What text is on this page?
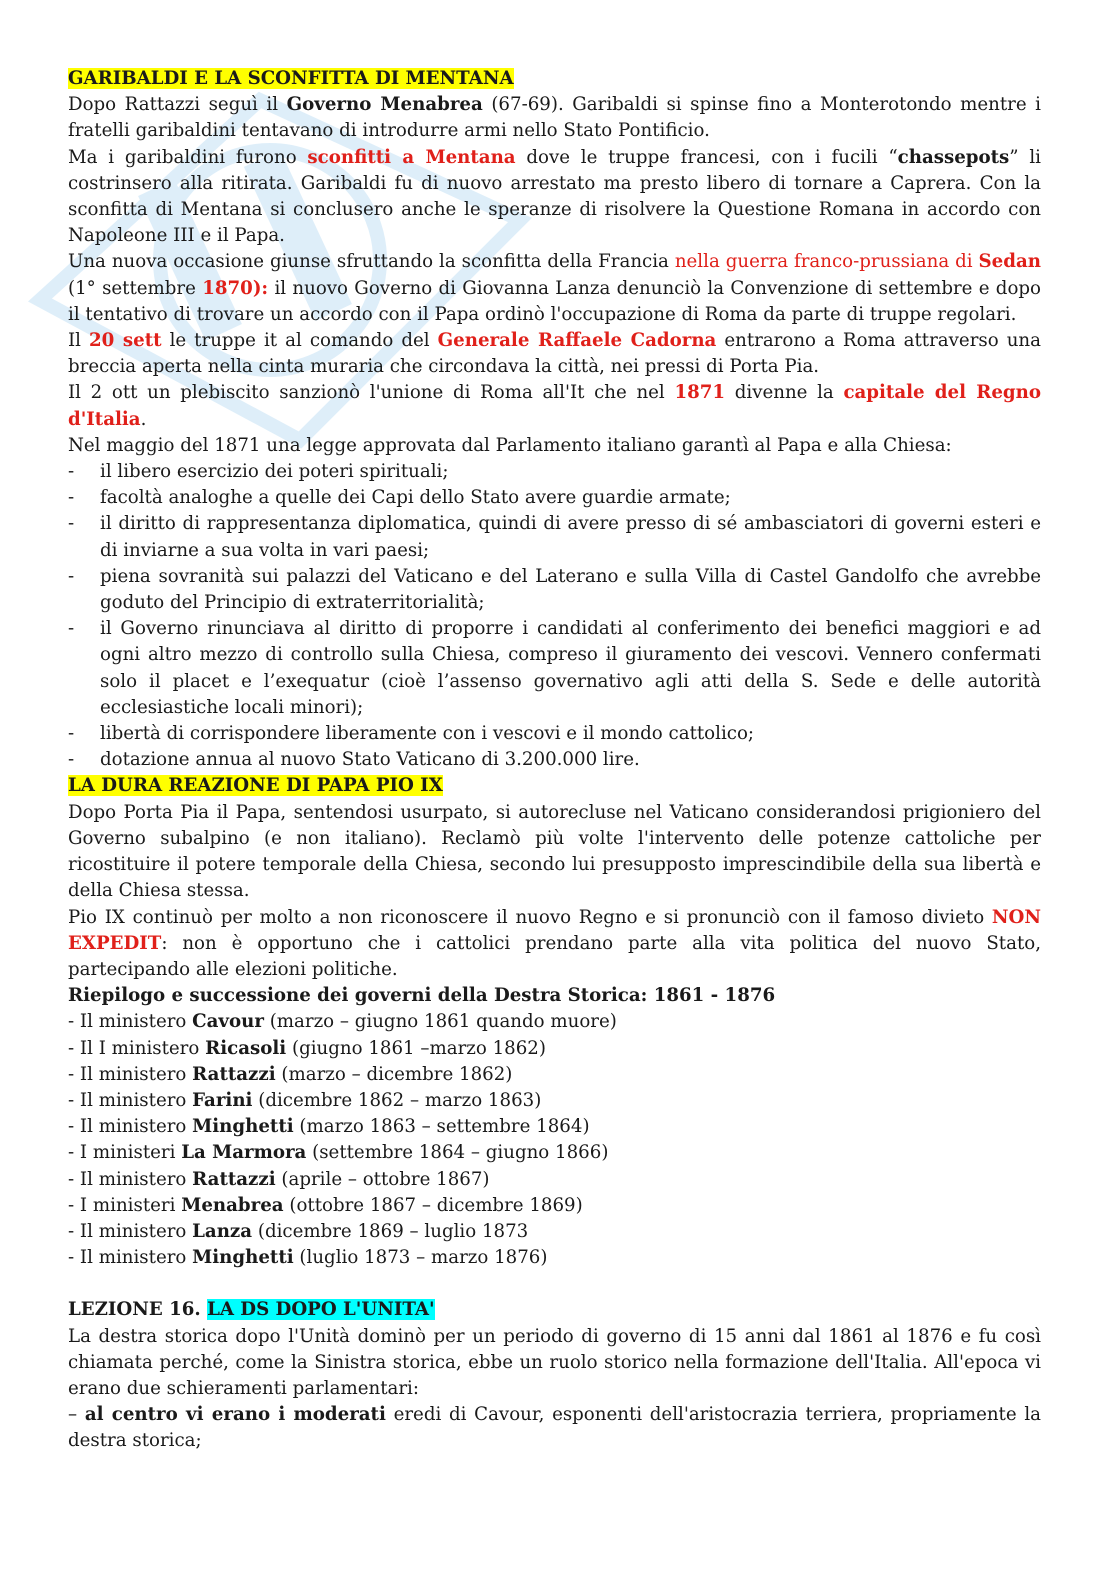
GARIBALDI E LA SCONFITTA DI MENTANA

Dopo Rattazzi seguì il Governo Menabrea (67-69). Garibaldi si spinse fino a Monterotondo mentre i fratelli garibaldini tentavano di introdurre armi nello Stato Pontificio.

Ma i garibaldini furono sconfitti a Mentana dove le truppe francesi, con i fucili “chassepots” li costrinsero alla ritirata. Garibaldi fu di nuovo arrestato ma presto libero di tornare a Caprera. Con la sconfitta di Mentana si conclusero anche le speranze di risolvere la Questione Romana in accordo con Napoleone III e il Papa.

Una nuova occasione giunse sfruttando la sconfitta della Francia nella guerra franco-prussiana di Sedan (1° settembre 1870): il nuovo Governo di Giovanna Lanza denunciò la Convenzione di settembre e dopo il tentativo di trovare un accordo con il Papa ordinò l'occupazione di Roma da parte di truppe regolari.

Il 20 sett le truppe it al comando del Generale Raffaele Cadorna entrarono a Roma attraverso una breccia aperta nella cinta muraria che circondava la città, nei pressi di Porta Pia.

Il 2 ott un plebiscito sanzionò l'unione di Roma all'It che nel 1871 divenne la capitale del Regno d'Italia.

Nel maggio del 1871 una legge approvata dal Parlamento italiano garantì al Papa e alla Chiesa:

- il libero esercizio dei poteri spirituali;
- facoltà analoghe a quelle dei Capi dello Stato avere guardie armate;
- il diritto di rappresentanza diplomatica, quindi di avere presso di sé ambasciatori di governi esteri e di inviarne a sua volta in vari paesi;
- piena sovranità sui palazzi del Vaticano e del Laterano e sulla Villa di Castel Gandolfo che avrebbe goduto del Principio di extraterritorialità;
- il Governo rinunciava al diritto di proporre i candidati al conferimento dei benefici maggiori e ad ogni altro mezzo di controllo sulla Chiesa, compreso il giuramento dei vescovi. Vennero confermati solo il placet e l’exequatur (cioè l’assenso governativo agli atti della S. Sede e delle autorità ecclesiastiche locali minori);
- libertà di corrispondere liberamente con i vescovi e il mondo cattolico;
- dotazione annua al nuovo Stato Vaticano di 3.200.000 lire.

LA DURA REAZIONE DI PAPA PIO IX

Dopo Porta Pia il Papa, sentendosi usurpato, si autorecluse nel Vaticano considerandosi prigioniero del Governo subalpino (e non italiano). Reclamò più volte l'intervento delle potenze cattoliche per ricostituire il potere temporale della Chiesa, secondo lui presupposto imprescindibile della sua libertà e della Chiesa stessa.

Pio IX continuò per molto a non riconoscere il nuovo Regno e si pronunciò con il famoso divieto NON EXPEDIT: non è opportuno che i cattolici prendano parte alla vita politica del nuovo Stato, partecipando alle elezioni politiche.

Riepilogo e successione dei governi della Destra Storica: 1861 - 1876

- Il ministero Cavour (marzo – giugno 1861 quando muore)

- Il I ministero Ricasoli (giugno 1861 –marzo 1862)

- Il ministero Rattazzi (marzo – dicembre 1862)

- Il ministero Farini (dicembre 1862 – marzo 1863)

- Il ministero Minghetti (marzo 1863 – settembre 1864)

- I ministeri La Marmora (settembre 1864 – giugno 1866)

- Il ministero Rattazzi (aprile – ottobre 1867)

- I ministeri Menabrea (ottobre 1867 – dicembre 1869)

- Il ministero Lanza (dicembre 1869 – luglio 1873

- Il ministero Minghetti (luglio 1873 – marzo 1876)

LEZIONE 16. LA DS DOPO L'UNITA'

La destra storica dopo l'Unità dominò per un periodo di governo di 15 anni dal 1861 al 1876 e fu così chiamata perché, come la Sinistra storica, ebbe un ruolo storico nella formazione dell'Italia. All'epoca vi erano due schieramenti parlamentari:

– al centro vi erano i moderati eredi di Cavour, esponenti dell'aristocrazia terriera, propriamente la destra storica;
